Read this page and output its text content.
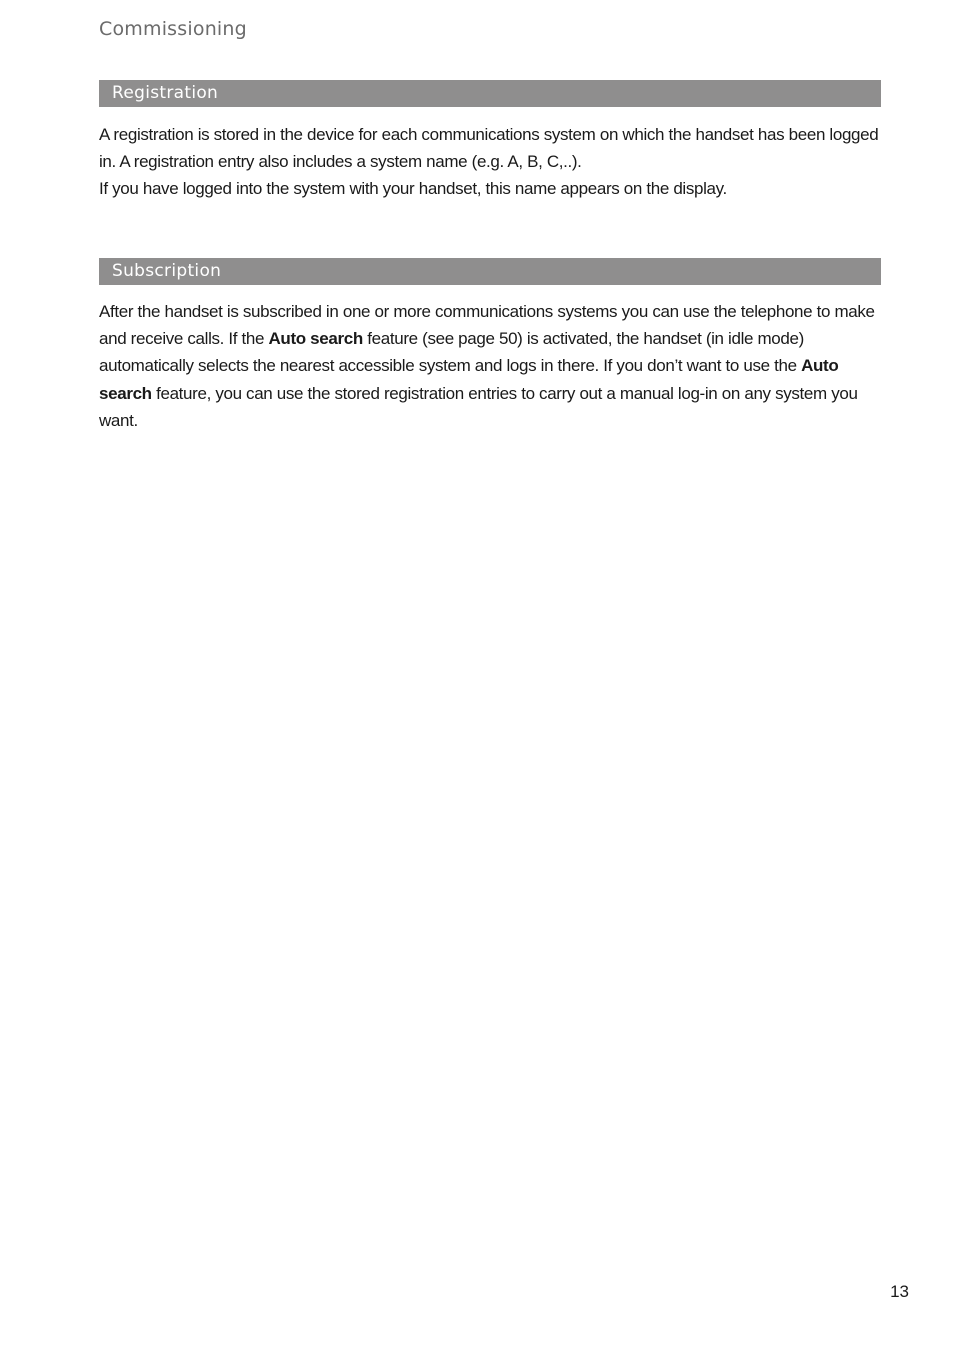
Commissioning
Registration

A registration is stored in the device for each communications system on which the handset has been logged in. A registration entry also includes a system name (e.g. A, B, C,..).

If you have logged into the system with your handset, this name appears on the display.

Subscription

After the handset is subscribed in one or more communications systems you can use the telephone to make and receive calls. If the Auto search feature (see page 50) is activated, the handset (in idle mode) automatically selects the nearest accessible system and logs in there. If you don’t want to use the Auto search feature, you can use the stored registration entries to carry out a manual log-in on any system you want.

13
